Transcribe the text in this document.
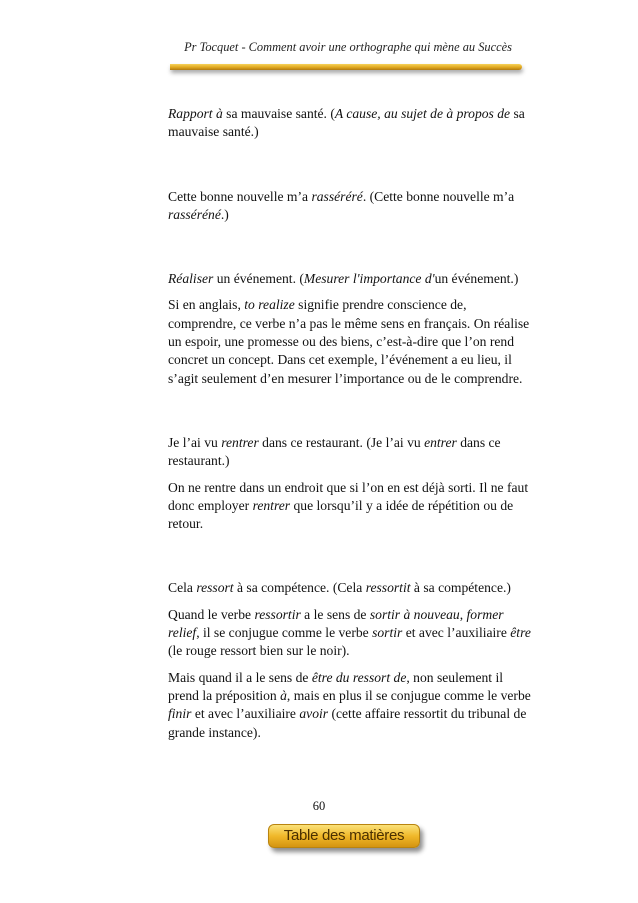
Pr Tocquet - Comment avoir une orthographe qui mène au Succès

Rapport à sa mauvaise santé. (A cause, au sujet de à propos de sa mauvaise santé.)

Cette bonne nouvelle m’a rasséréré. (Cette bonne nouvelle m’a rasséréné.)

Réaliser un événement. (Mesurer l'importance d'un événement.)

Si en anglais, to realize signifie prendre conscience de, comprendre, ce verbe n’a pas le même sens en français. On réalise un espoir, une promesse ou des biens, c’est-à-dire que l’on rend concret un concept. Dans cet exemple, l’événement a eu lieu, il s’agit seulement d’en mesurer l’importance ou de le comprendre.

Je l’ai vu rentrer dans ce restaurant. (Je l’ai vu entrer dans ce restaurant.)

On ne rentre dans un endroit que si l’on en est déjà sorti. Il ne faut donc employer rentrer que lorsqu’il y a idée de répétition ou de retour.

Cela ressort à sa compétence. (Cela ressortit à sa compétence.)

Quand le verbe ressortir a le sens de sortir à nouveau, former relief, il se conjugue comme le verbe sortir et avec l’auxiliaire être (le rouge ressort bien sur le noir).

Mais quand il a le sens de être du ressort de, non seulement il prend la préposition à, mais en plus il se conjugue comme le verbe finir et avec l’auxiliaire avoir (cette affaire ressortit du tribunal de grande instance).

60
Table des matières
